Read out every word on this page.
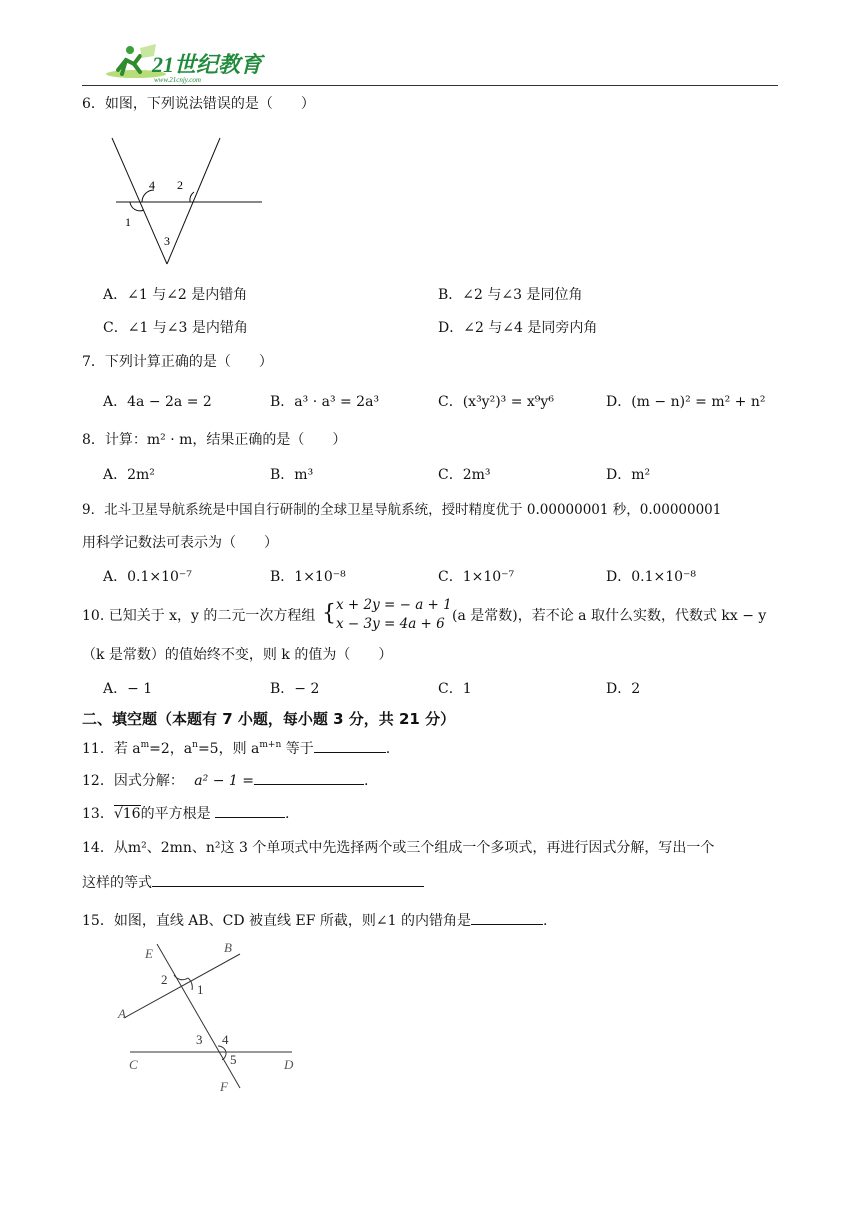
21世纪教育
www.21cnjy.com
6．如图，下列说法错误的是（　　）
4 2
1
3
A．∠1 与∠2 是内错角	B．∠2 与∠3 是同位角
C．∠1 与∠3 是内错角	D．∠2 与∠4 是同旁内角
7．下列计算正确的是（　　）
A．4a − 2a = 2	B．a³ · a³ = 2a³	C．(x³y²)³ = x⁹y⁶	D．(m − n)² = m² + n²
8．计算：m² · m，结果正确的是（　　）
A．2m²	B．m³	C．2m³	D．m²
9．北斗卫星导航系统是中国自行研制的全球卫星导航系统，授时精度优于 0.00000001 秒，0.00000001
用科学记数法可表示为（　　）
A．0.1×10⁻⁷	B．1×10⁻⁸	C．1×10⁻⁷	D．0.1×10⁻⁸
10. 已知关于 x，y 的二元一次方程组 { x + 2y = − a + 1
x − 3y = 4a + 6 (a 是常数)，若不论 a 取什么实数，代数式 kx − y
（k 是常数）的值始终不变，则 k 的值为（　　）
A．− 1	B．− 2	C．1	D．2
二、填空题（本题有 7 小题，每小题 3 分，共 21 分）
11．若 $a^m=2$，$a^n=5$，则 $a^{m+n}$ 等于	.
12．因式分解： a² − 1 =	.
13．√16的平方根是	.
14．从m²、2mn、n²这 3 个单项式中先选择两个或三个组成一个多项式，再进行因式分解，写出一个
这样的等式
15．如图，直线 AB、CD 被直线 EF 所截，则∠1 的内错角是	.
E	B
2
1
A
3 4
C	5	D
F
